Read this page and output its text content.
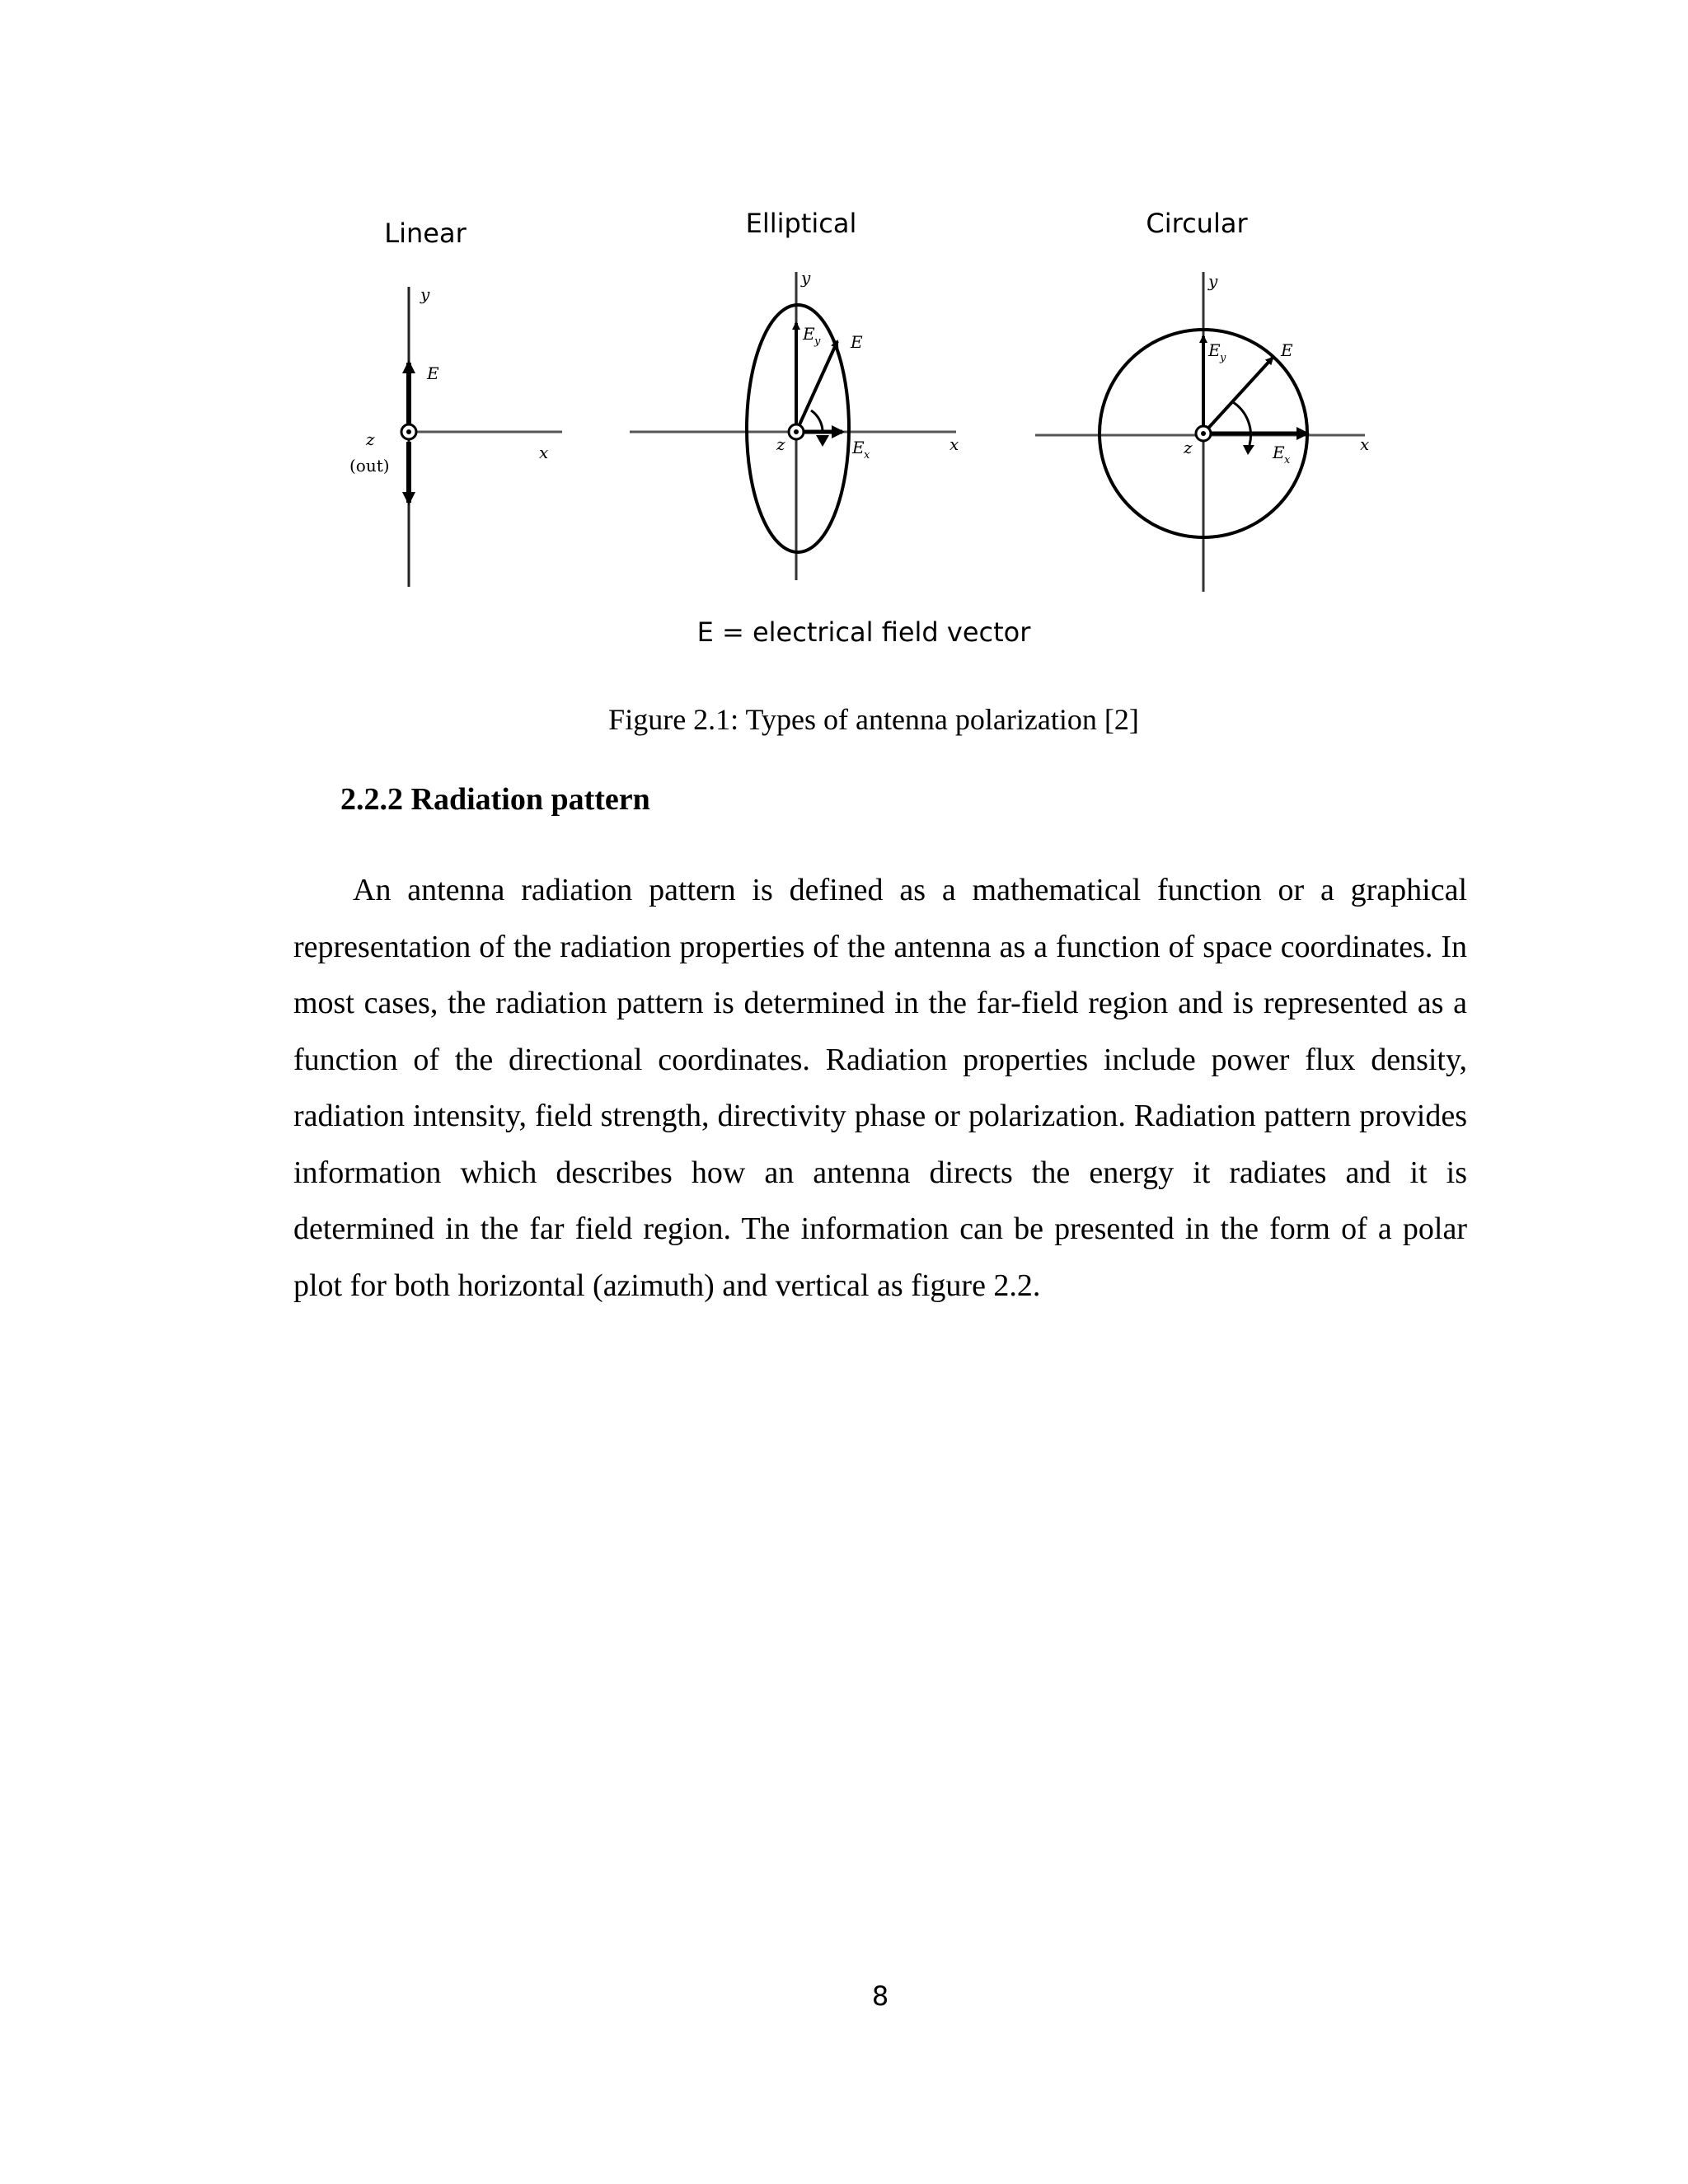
Linear	Elliptical	Circular
y
E
x
z
(out)
y
E
E y
E x
x
z
y
E
E y
E x
x
z
E = electrical field vector
Figure 2.1: Types of antenna polarization [2]
2.2.2 Radiation pattern

An antenna radiation pattern is defined as a mathematical function or a graphical representation of the radiation properties of the antenna as a function of space coordinates. In most cases, the radiation pattern is determined in the far-field region and is represented as a function of the directional coordinates. Radiation properties include power flux density, radiation intensity, field strength, directivity phase or polarization. Radiation pattern provides information which describes how an antenna directs the energy it radiates and it is determined in the far field region. The information can be presented in the form of a polar plot for both horizontal (azimuth) and vertical as figure 2.2.

8
